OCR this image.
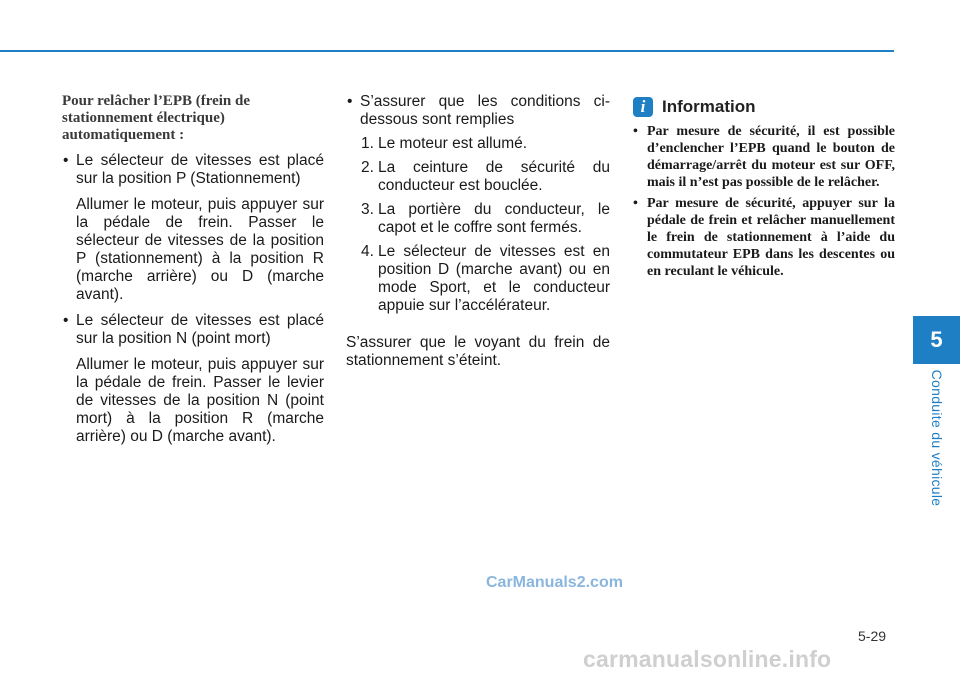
5
Conduite du véhicule
Pour relâcher l’EPB (frein de stationnement électrique) automatiquement :
• Le sélecteur de vitesses est placé sur la position P (Stationnement)
Allumer le moteur, puis appuyer sur la pédale de frein. Passer le sélecteur de vitesses de la position P (stationnement) à la position R (marche arrière) ou D (marche avant).
• Le sélecteur de vitesses est placé sur la position N (point mort)
Allumer le moteur, puis appuyer sur la pédale de frein. Passer le levier de vitesses de la position N (point mort) à la position R (marche arrière) ou D (marche avant).
• S’assurer que les conditions ci-dessous sont remplies
1. Le moteur est allumé.
2. La ceinture de sécurité du conducteur est bouclée.
3. La portière du conducteur, le capot et le coffre sont fermés.
4. Le sélecteur de vitesses est en position D (marche avant) ou en mode Sport, et le conducteur appuie sur l’accélérateur.
S’assurer que le voyant du frein de stationnement s’éteint.
i Information
• Par mesure de sécurité, il est possible d’enclencher l’EPB quand le bouton de démarrage/arrêt du moteur est sur OFF, mais il n’est pas possible de le relâcher.
• Par mesure de sécurité, appuyer sur la pédale de frein et relâcher manuellement le frein de stationnement à l’aide du commutateur EPB dans les descentes ou en reculant le véhicule.
CarManuals2.com
5-29
carmanualsonline.info
